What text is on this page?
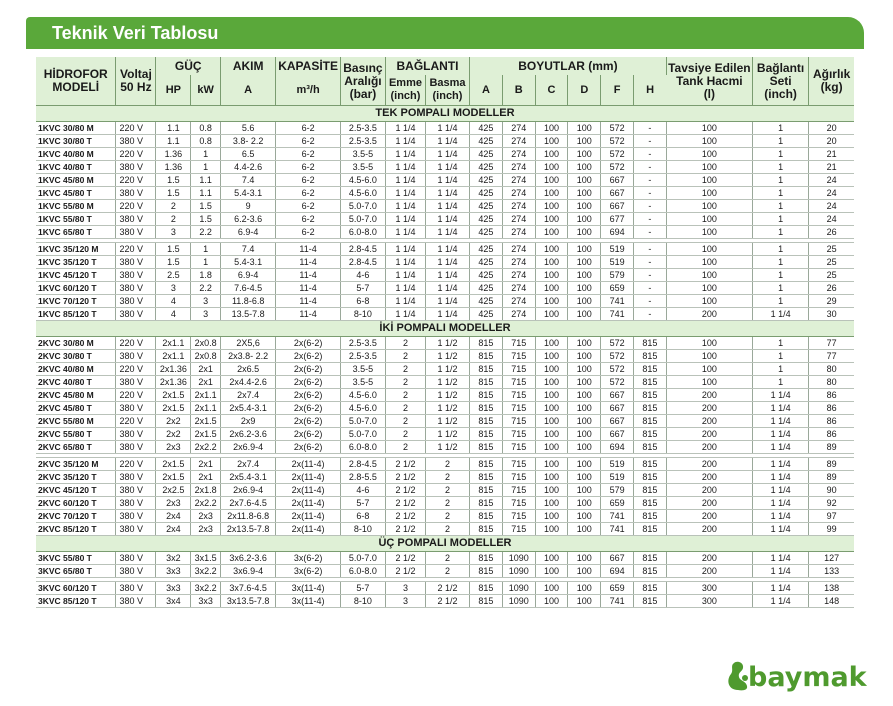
Teknik Veri Tablosu
HİDROFOR
MODELİ	Voltaj
50 Hz	GÜÇ		AKIM	KAPASİTE	Basınç
Aralığı
(bar)	BAĞLANTI		BOYUTLAR (mm)						Tavsiye Edilen
Tank Hacmi
(l)	Bağlantı
Seti
(inch)	Ağırlık
(kg)
		HP	kW	A	m³/h		Emme
(inch)	Basma
(inch)	A	B	C	D	F	H			
TEK POMPALI MODELLER																	
1KVC 30/80 M	220 V	1.1	0.8	5.6	6-2	2.5-3.5	1 1/4	1 1/4	425	274	100	100	572	-	100	1	20
1KVC 30/80 T	380 V	1.1	0.8	3.8- 2.2	6-2	2.5-3.5	1 1/4	1 1/4	425	274	100	100	572	-	100	1	20
1KVC 40/80 M	220 V	1.36	1	6.5	6-2	3.5-5	1 1/4	1 1/4	425	274	100	100	572	-	100	1	21
1KVC 40/80 T	380 V	1.36	1	4.4-2.6	6-2	3.5-5	1 1/4	1 1/4	425	274	100	100	572	-	100	1	21
1KVC 45/80 M	220 V	1.5	1.1	7.4	6-2	4.5-6.0	1 1/4	1 1/4	425	274	100	100	667	-	100	1	24
1KVC 45/80 T	380 V	1.5	1.1	5.4-3.1	6-2	4.5-6.0	1 1/4	1 1/4	425	274	100	100	667	-	100	1	24
1KVC 55/80 M	220 V	2	1.5	9	6-2	5.0-7.0	1 1/4	1 1/4	425	274	100	100	667	-	100	1	24
1KVC 55/80 T	380 V	2	1.5	6.2-3.6	6-2	5.0-7.0	1 1/4	1 1/4	425	274	100	100	677	-	100	1	24
1KVC 65/80 T	380 V	3	2.2	6.9-4	6-2	6.0-8.0	1 1/4	1 1/4	425	274	100	100	694	-	100	1	26

1KVC 35/120 M	220 V	1.5	1	7.4	11-4	2.8-4.5	1 1/4	1 1/4	425	274	100	100	519	-	100	1	25
1KVC 35/120 T	380 V	1.5	1	5.4-3.1	11-4	2.8-4.5	1 1/4	1 1/4	425	274	100	100	519	-	100	1	25
1KVC 45/120 T	380 V	2.5	1.8	6.9-4	11-4	4-6	1 1/4	1 1/4	425	274	100	100	579	-	100	1	25
1KVC 60/120 T	380 V	3	2.2	7.6-4.5	11-4	5-7	1 1/4	1 1/4	425	274	100	100	659	-	100	1	26
1KVC 70/120 T	380 V	4	3	11.8-6.8	11-4	6-8	1 1/4	1 1/4	425	274	100	100	741	-	100	1	29
1KVC 85/120 T	380 V	4	3	13.5-7.8	11-4	8-10	1 1/4	1 1/4	425	274	100	100	741	-	200	1 1/4	30
İKİ POMPALI MODELLER																	
2KVC 30/80 M	220 V	2x1.1	2x0.8	2X5,6	2x(6-2)	2.5-3.5	2	1 1/2	815	715	100	100	572	815	100	1	77
2KVC 30/80 T	380 V	2x1.1	2x0.8	2x3.8- 2.2	2x(6-2)	2.5-3.5	2	1 1/2	815	715	100	100	572	815	100	1	77
2KVC 40/80 M	220 V	2x1.36	2x1	2x6.5	2x(6-2)	3.5-5	2	1 1/2	815	715	100	100	572	815	100	1	80
2KVC 40/80 T	380 V	2x1.36	2x1	2x4.4-2.6	2x(6-2)	3.5-5	2	1 1/2	815	715	100	100	572	815	100	1	80
2KVC 45/80 M	220 V	2x1.5	2x1.1	2x7.4	2x(6-2)	4.5-6.0	2	1 1/2	815	715	100	100	667	815	200	1 1/4	86
2KVC 45/80 T	380 V	2x1.5	2x1.1	2x5.4-3.1	2x(6-2)	4.5-6.0	2	1 1/2	815	715	100	100	667	815	200	1 1/4	86
2KVC 55/80 M	220 V	2x2	2x1.5	2x9	2x(6-2)	5.0-7.0	2	1 1/2	815	715	100	100	667	815	200	1 1/4	86
2KVC 55/80 T	380 V	2x2	2x1.5	2x6.2-3.6	2x(6-2)	5.0-7.0	2	1 1/2	815	715	100	100	667	815	200	1 1/4	86
2KVC 65/80 T	380 V	2x3	2x2.2	2x6.9-4	2x(6-2)	6.0-8.0	2	1 1/2	815	715	100	100	694	815	200	1 1/4	89

2KVC 35/120 M	220 V	2x1.5	2x1	2x7.4	2x(11-4)	2.8-4.5	2 1/2	2	815	715	100	100	519	815	200	1 1/4	89
2KVC 35/120 T	380 V	2x1.5	2x1	2x5.4-3.1	2x(11-4)	2.8-5.5	2 1/2	2	815	715	100	100	519	815	200	1 1/4	89
2KVC 45/120 T	380 V	2x2.5	2x1.8	2x6.9-4	2x(11-4)	4-6	2 1/2	2	815	715	100	100	579	815	200	1 1/4	90
2KVC 60/120 T	380 V	2x3	2x2.2	2x7.6-4.5	2x(11-4)	5-7	2 1/2	2	815	715	100	100	659	815	200	1 1/4	92
2KVC 70/120 T	380 V	2x4	2x3	2x11.8-6.8	2x(11-4)	6-8	2 1/2	2	815	715	100	100	741	815	200	1 1/4	97
2KVC 85/120 T	380 V	2x4	2x3	2x13.5-7.8	2x(11-4)	8-10	2 1/2	2	815	715	100	100	741	815	200	1 1/4	99
ÜÇ POMPALI MODELLER																	
3KVC 55/80 T	380 V	3x2	3x1.5	3x6.2-3.6	3x(6-2)	5.0-7.0	2 1/2	2	815	1090	100	100	667	815	200	1 1/4	127
3KVC 65/80 T	380 V	3x3	3x2.2	3x6.9-4	3x(6-2)	6.0-8.0	2 1/2	2	815	1090	100	100	694	815	200	1 1/4	133

3KVC 60/120 T	380 V	3x3	3x2.2	3x7.6-4.5	3x(11-4)	5-7	3	2 1/2	815	1090	100	100	659	815	300	1 1/4	138
3KVC 85/120 T	380 V	3x4	3x3	3x13.5-7.8	3x(11-4)	8-10	3	2 1/2	815	1090	100	100	741	815	300	1 1/4	148
baymak
